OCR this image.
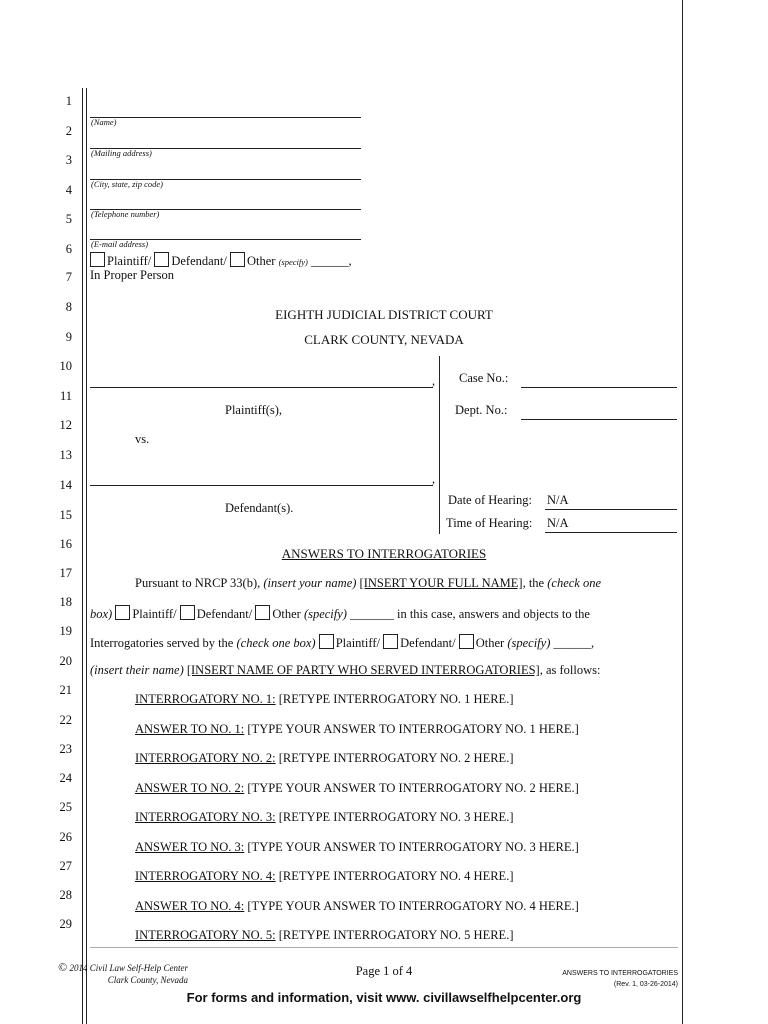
1
2
3
4
5
6
7
8
9
10
11
12
13
14
15
16
17
18
19
20
21
22
23
24
25
26
27
28
29
(Name)
(Mailing address)
(City, state, zip code)
(Telephone number)
(E-mail address)
Plaintiff/ Defendant/ Other (specify) ______,
In Proper Person
EIGHTH JUDICIAL DISTRICT COURT
CLARK COUNTY, NEVADA
,
Plaintiff(s),
vs.
,
Defendant(s).
Case No.:
Dept. No.:
Date of Hearing: N/A
Time of Hearing: N/A
ANSWERS TO INTERROGATORIES
Pursuant to NRCP 33(b), (insert your name) [INSERT YOUR FULL NAME], the (check one
box) Plaintiff/ Defendant/ Other (specify) _______ in this case, answers and objects to the
Interrogatories served by the (check one box) Plaintiff/ Defendant/ Other (specify) ______,
(insert their name) [INSERT NAME OF PARTY WHO SERVED INTERROGATORIES], as follows:
INTERROGATORY NO. 1: [RETYPE INTERROGATORY NO. 1 HERE.]
ANSWER TO NO. 1: [TYPE YOUR ANSWER TO INTERROGATORY NO. 1 HERE.]
INTERROGATORY NO. 2: [RETYPE INTERROGATORY NO. 2 HERE.]
ANSWER TO NO. 2: [TYPE YOUR ANSWER TO INTERROGATORY NO. 2 HERE.]
INTERROGATORY NO. 3: [RETYPE INTERROGATORY NO. 3 HERE.]
ANSWER TO NO. 3: [TYPE YOUR ANSWER TO INTERROGATORY NO. 3 HERE.]
INTERROGATORY NO. 4: [RETYPE INTERROGATORY NO. 4 HERE.]
ANSWER TO NO. 4: [TYPE YOUR ANSWER TO INTERROGATORY NO. 4 HERE.]
INTERROGATORY NO. 5: [RETYPE INTERROGATORY NO. 5 HERE.]
© 2014 Civil Law Self-Help Center
Clark County, Nevada
Page 1 of 4	ANSWERS TO INTERROGATORIES
(Rev. 1, 03-26-2014)
For forms and information, visit www. civillawselfhelpcenter.org
